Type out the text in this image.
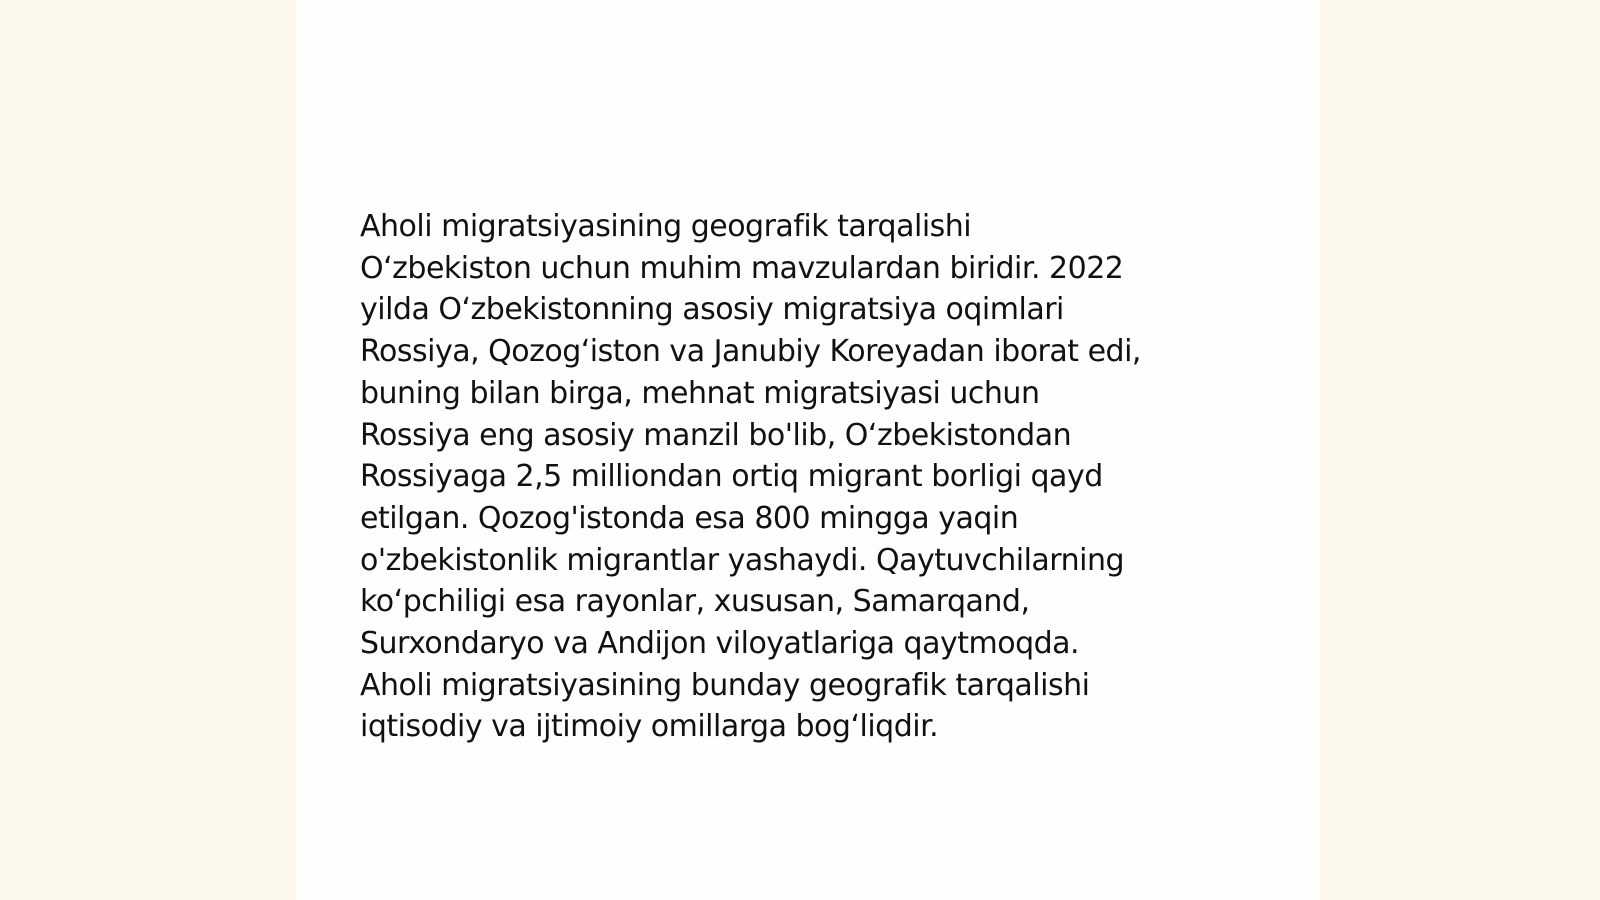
Aholi migratsiyasining geografik tarqalishi
O‘zbekiston uchun muhim mavzulardan biridir. 2022
yilda O‘zbekistonning asosiy migratsiya oqimlari
Rossiya, Qozog‘iston va Janubiy Koreyadan iborat edi,
buning bilan birga, mehnat migratsiyasi uchun
Rossiya eng asosiy manzil bo'lib, O‘zbekistondan
Rossiyaga 2,5 milliondan ortiq migrant borligi qayd
etilgan. Qozog'istonda esa 800 mingga yaqin
o'zbekistonlik migrantlar yashaydi. Qaytuvchilarning
ko‘pchiligi esa rayonlar, xususan, Samarqand,
Surxondaryo va Andijon viloyatlariga qaytmoqda.
Aholi migratsiyasining bunday geografik tarqalishi
iqtisodiy va ijtimoiy omillarga bog‘liqdir.
